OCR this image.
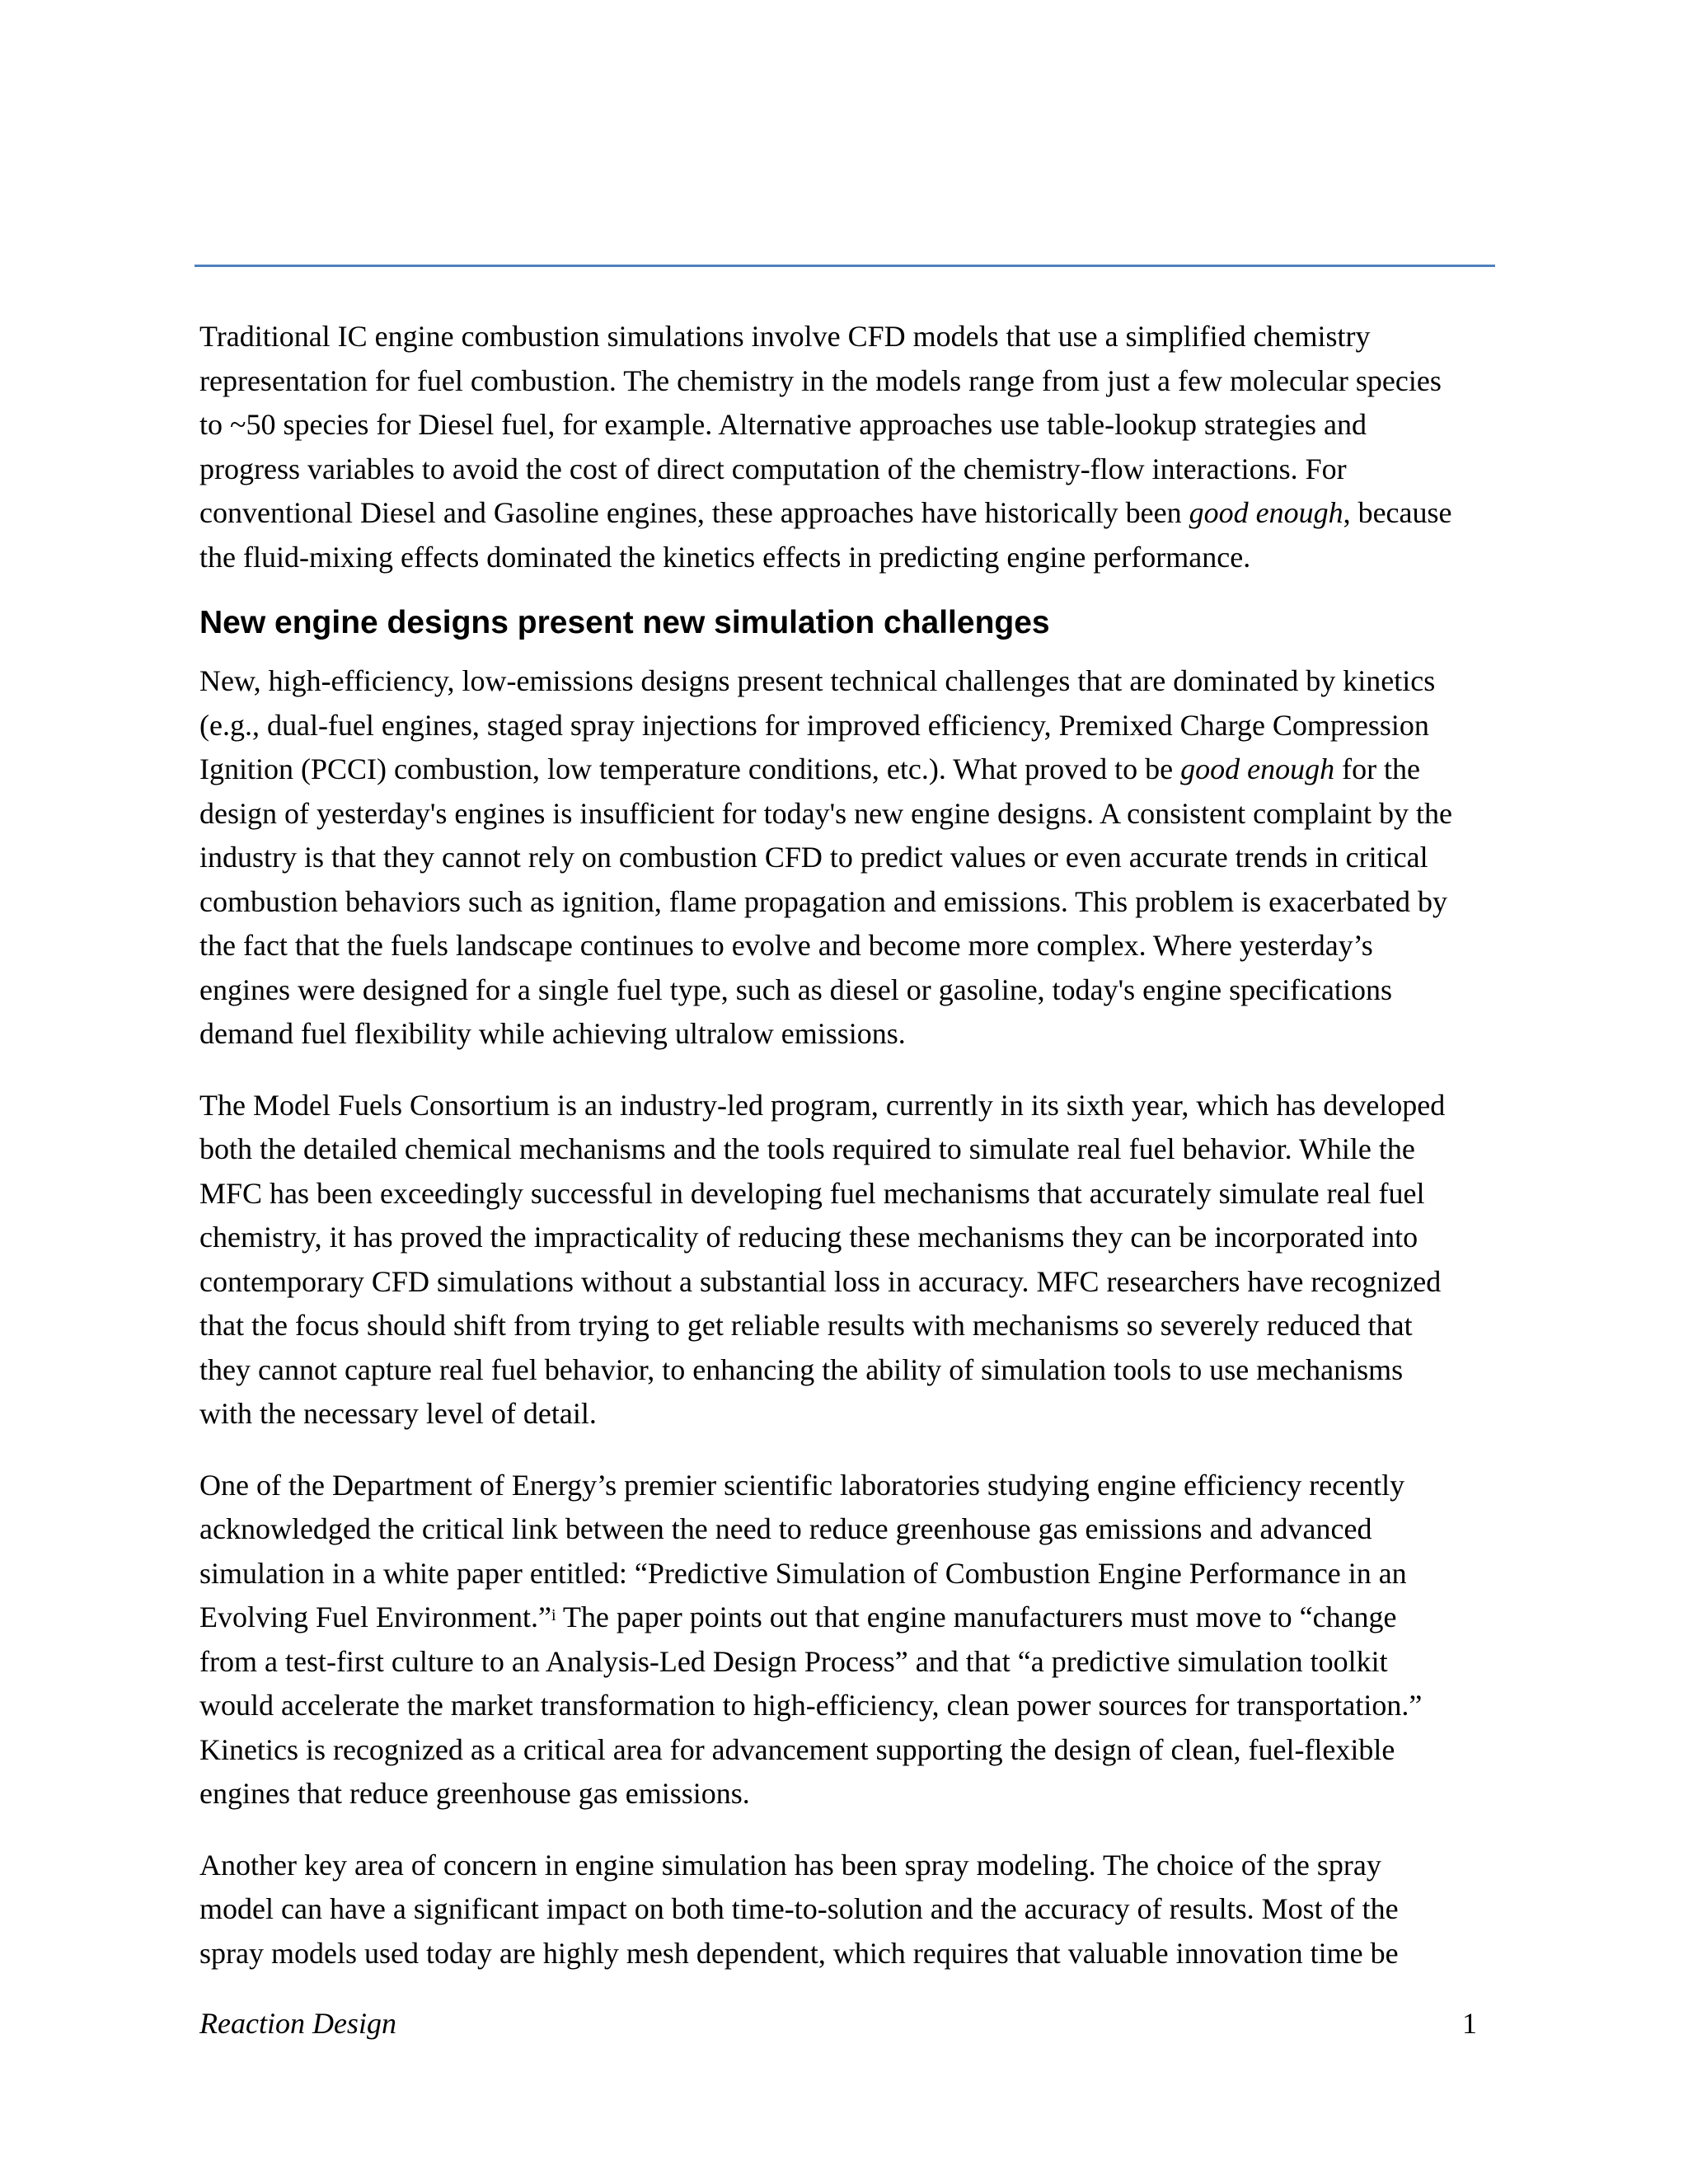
Traditional IC engine combustion simulations involve CFD models that use a simplified chemistry
representation for fuel combustion. The chemistry in the models range from just a few molecular species
to ~50 species for Diesel fuel, for example. Alternative approaches use table-lookup strategies and
progress variables to avoid the cost of direct computation of the chemistry-flow interactions. For
conventional Diesel and Gasoline engines, these approaches have historically been good enough, because
the fluid-mixing effects dominated the kinetics effects in predicting engine performance.

New engine designs present new simulation challenges

New, high-efficiency, low-emissions designs present technical challenges that are dominated by kinetics
(e.g., dual-fuel engines, staged spray injections for improved efficiency, Premixed Charge Compression
Ignition (PCCI) combustion, low temperature conditions, etc.). What proved to be good enough for the
design of yesterday's engines is insufficient for today's new engine designs. A consistent complaint by the
industry is that they cannot rely on combustion CFD to predict values or even accurate trends in critical
combustion behaviors such as ignition, flame propagation and emissions. This problem is exacerbated by
the fact that the fuels landscape continues to evolve and become more complex. Where yesterday’s
engines were designed for a single fuel type, such as diesel or gasoline, today's engine specifications
demand fuel flexibility while achieving ultralow emissions.

The Model Fuels Consortium is an industry-led program, currently in its sixth year, which has developed
both the detailed chemical mechanisms and the tools required to simulate real fuel behavior. While the
MFC has been exceedingly successful in developing fuel mechanisms that accurately simulate real fuel
chemistry, it has proved the impracticality of reducing these mechanisms they can be incorporated into
contemporary CFD simulations without a substantial loss in accuracy. MFC researchers have recognized
that the focus should shift from trying to get reliable results with mechanisms so severely reduced that
they cannot capture real fuel behavior, to enhancing the ability of simulation tools to use mechanisms
with the necessary level of detail.

One of the Department of Energy’s premier scientific laboratories studying engine efficiency recently
acknowledged the critical link between the need to reduce greenhouse gas emissions and advanced
simulation in a white paper entitled: “Predictive Simulation of Combustion Engine Performance in an
Evolving Fuel Environment.”$^i$ The paper points out that engine manufacturers must move to “change
from a test-first culture to an Analysis-Led Design Process” and that “a predictive simulation toolkit
would accelerate the market transformation to high-efficiency, clean power sources for transportation.”
Kinetics is recognized as a critical area for advancement supporting the design of clean, fuel-flexible
engines that reduce greenhouse gas emissions.

Another key area of concern in engine simulation has been spray modeling. The choice of the spray
model can have a significant impact on both time-to-solution and the accuracy of results. Most of the
spray models used today are highly mesh dependent, which requires that valuable innovation time be

Reaction Design	1
